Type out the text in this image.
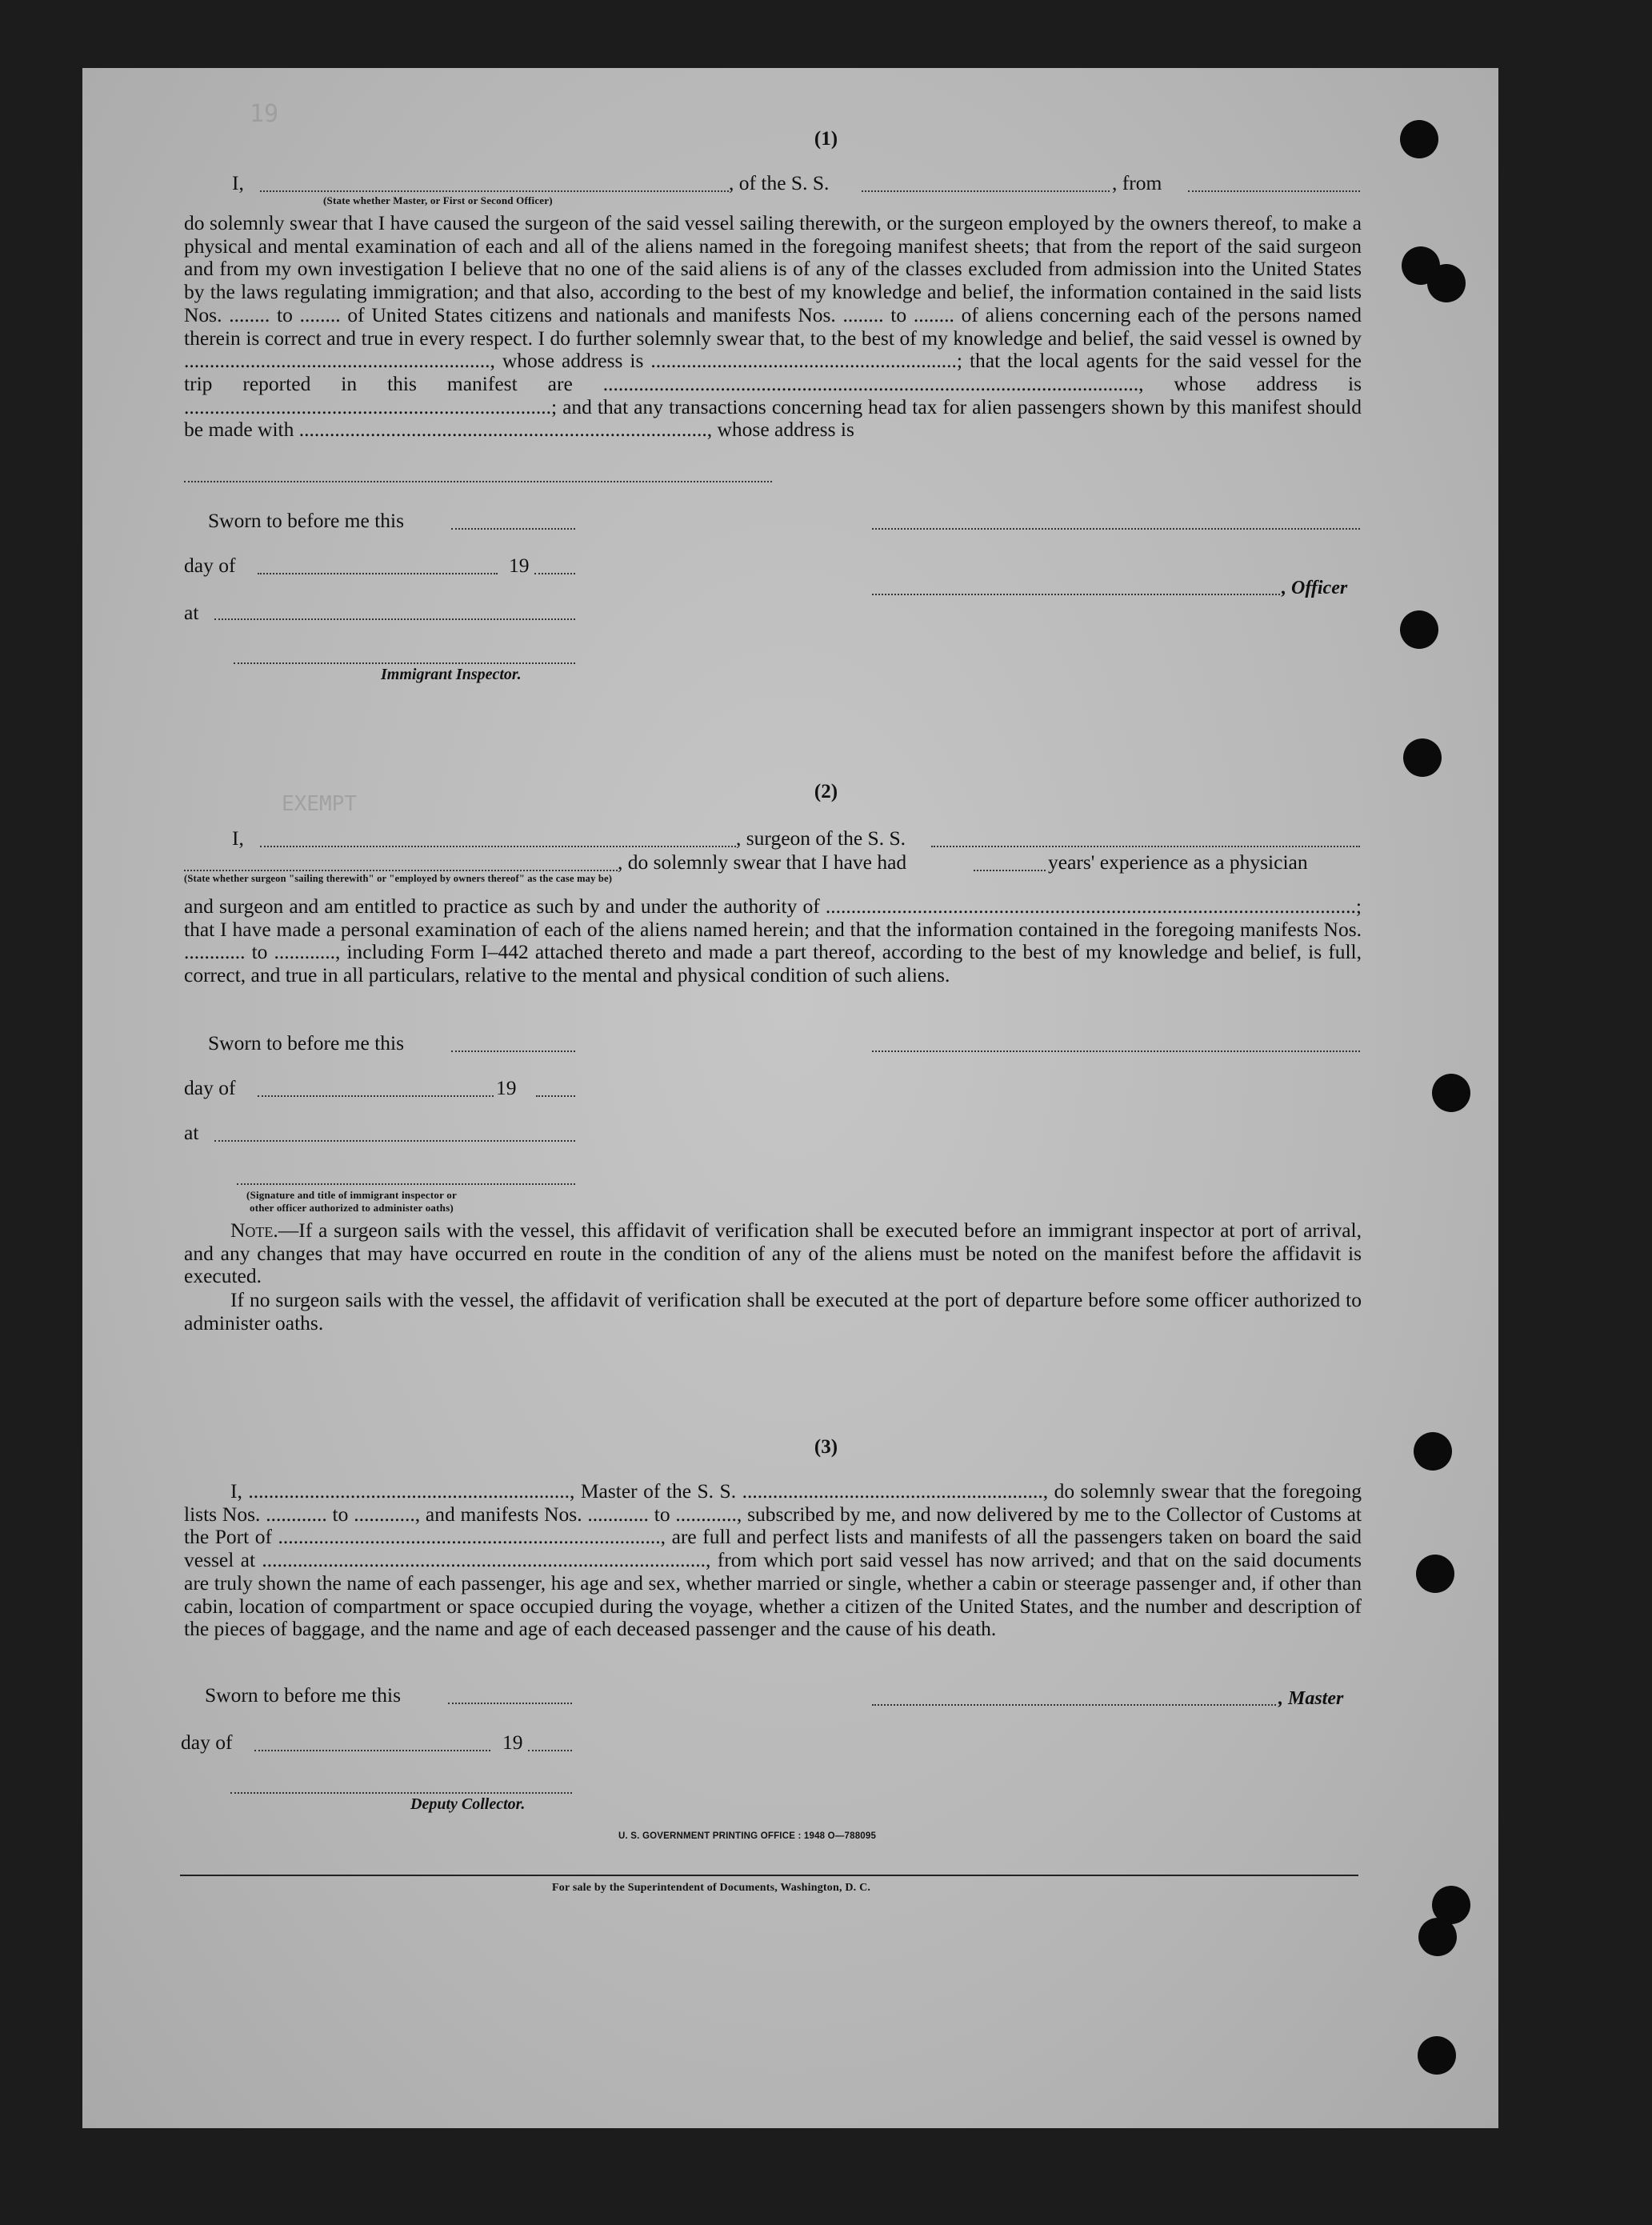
19
EXEMPT
(1)
I,	, of the S. S.	, from
(State whether Master, or First or Second Officer)

do solemnly swear that I have caused the surgeon of the said vessel sailing therewith, or the surgeon employed by the owners thereof, to make a physical and mental examination of each and all of the aliens named in the foregoing manifest sheets; that from the report of the said surgeon and from my own investigation I believe that no one of the said aliens is of any of the classes excluded from admission into the United States by the laws regulating immigration; and that also, according to the best of my knowledge and belief, the information contained in the said lists Nos. ........ to ........ of United States citizens and nationals and manifests Nos. ........ to ........ of aliens concerning each of the persons named therein is correct and true in every respect. I do further solemnly swear that, to the best of my knowledge and belief, the said vessel is owned by ............................................................, whose address is ............................................................; that the local agents for the said vessel for the trip reported in this manifest are ........................................................................................................., whose address is ........................................................................; and that any transactions concerning head tax for alien passengers shown by this manifest should be made with ................................................................................, whose address is

Sworn to before me this
day of	19
, Officer
at
Immigrant Inspector.
(2)
I,	, surgeon of the S. S.
, do solemnly swear that I have had	years' experience as a physician
(State whether surgeon "sailing therewith" or "employed by owners thereof" as the case may be)

and surgeon and am entitled to practice as such by and under the authority of ........................................................................................................; that I have made a personal examination of each of the aliens named herein; and that the information contained in the foregoing manifests Nos. ............ to ............, including Form I–442 attached thereto and made a part thereof, according to the best of my knowledge and belief, is full, correct, and true in all particulars, relative to the mental and physical condition of such aliens.

Sworn to before me this
day of	19
at
(Signature and title of immigrant inspector or
other officer authorized to administer oaths)
Note.—If a surgeon sails with the vessel, this affidavit of verification shall be executed before an immigrant inspector at port of arrival, and any changes that may have occurred en route in the condition of any of the aliens must be noted on the manifest before the affidavit is executed.

If no surgeon sails with the vessel, the affidavit of verification shall be executed at the port of departure before some officer authorized to administer oaths.

(3)

I, ..............................................................., Master of the S. S. ..........................................................., do solemnly swear that the foregoing lists Nos. ............ to ............, and manifests Nos. ............ to ............, subscribed by me, and now delivered by me to the Collector of Customs at the Port of ..........................................................................., are full and perfect lists and manifests of all the passengers taken on board the said vessel at ......................................................................................., from which port said vessel has now arrived; and that on the said documents are truly shown the name of each passenger, his age and sex, whether married or single, whether a cabin or steerage passenger and, if other than cabin, location of compartment or space occupied during the voyage, whether a citizen of the United States, and the number and description of the pieces of baggage, and the name and age of each deceased passenger and the cause of his death.

Sworn to before me this	, Master
day of	19
Deputy Collector.
U. S. GOVERNMENT PRINTING OFFICE : 1948 O—788095
For sale by the Superintendent of Documents, Washington, D. C.
